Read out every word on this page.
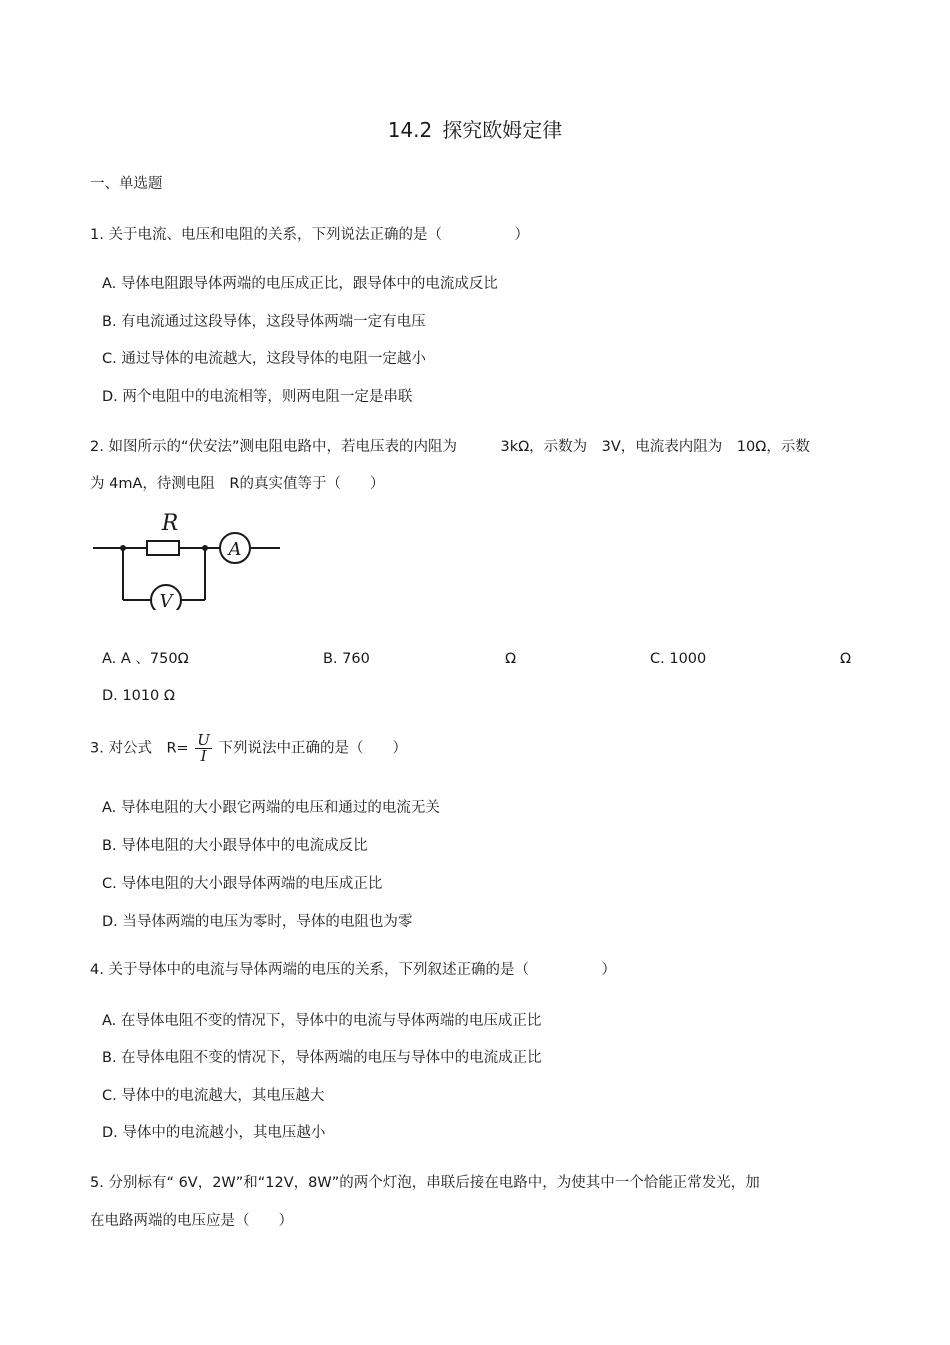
14.2 探究欧姆定律
一、单选题
1. 关于电流、电压和电阻的关系，下列说法正确的是（　　　　　）
A. 导体电阻跟导体两端的电压成正比，跟导体中的电流成反比
B. 有电流通过这段导体，这段导体两端一定有电压
C. 通过导体的电流越大，这段导体的电阻一定越小
D. 两个电阻中的电流相等，则两电阻一定是串联
2. 如图所示的“伏安法”测电阻电路中，若电压表的内阻为　　　3kΩ，示数为　3V，电流表内阻为　10Ω，示数
为 4mA，待测电阻　R的真实值等于（　　）
R
A
V
A. A 、750Ω	B. 760	Ω	C. 1000	Ω
D. 1010 Ω
3. 对公式　$R= \frac{U}{I}$ 下列说法中正确的是（　　）
A. 导体电阻的大小跟它两端的电压和通过的电流无关
B. 导体电阻的大小跟导体中的电流成反比
C. 导体电阻的大小跟导体两端的电压成正比
D. 当导体两端的电压为零时，导体的电阻也为零
4. 关于导体中的电流与导体两端的电压的关系，下列叙述正确的是（　　　　　）
A. 在导体电阻不变的情况下，导体中的电流与导体两端的电压成正比
B. 在导体电阻不变的情况下，导体两端的电压与导体中的电流成正比
C. 导体中的电流越大，其电压越大
D. 导体中的电流越小，其电压越小
5. 分别标有“ 6V，2W”和“12V，8W”的两个灯泡，串联后接在电路中，为使其中一个恰能正常发光，加
在电路两端的电压应是（　　）
